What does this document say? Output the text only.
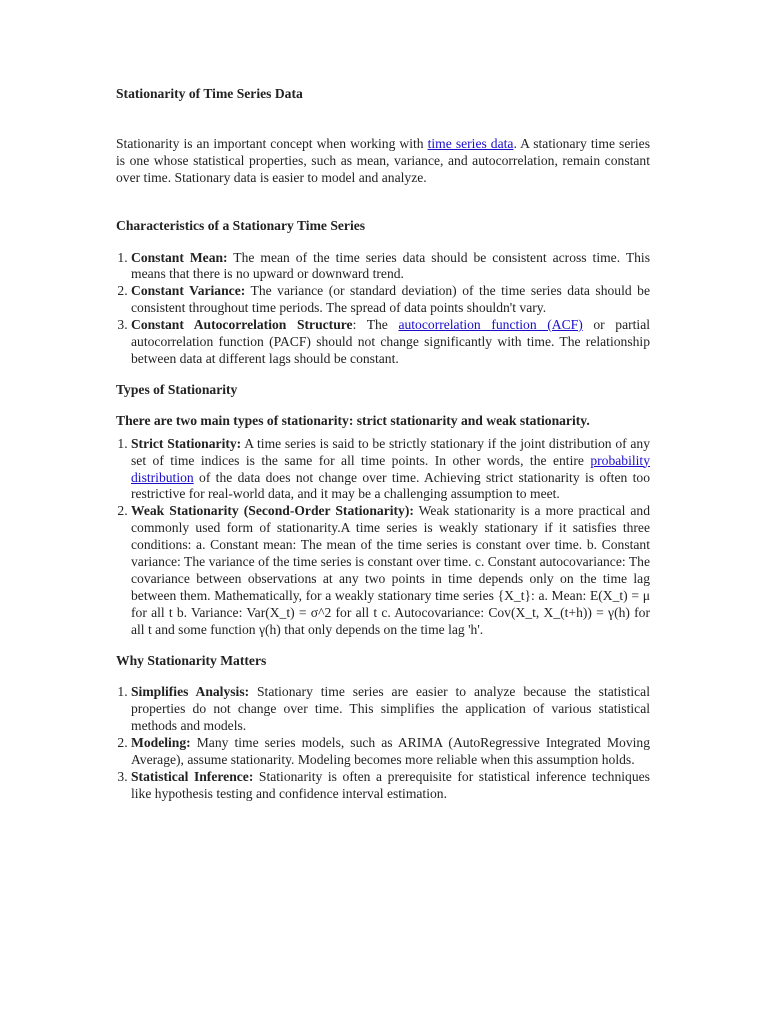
Stationarity of Time Series Data

Stationarity is an important concept when working with time series data. A stationary time series is one whose statistical properties, such as mean, variance, and autocorrelation, remain constant over time. Stationary data is easier to model and analyze.

Characteristics of a Stationary Time Series

1. Constant Mean: The mean of the time series data should be consistent across time. This means that there is no upward or downward trend.
2. Constant Variance: The variance (or standard deviation) of the time series data should be consistent throughout time periods. The spread of data points shouldn't vary.
3. Constant Autocorrelation Structure: The autocorrelation function (ACF) or partial autocorrelation function (PACF) should not change significantly with time. The relationship between data at different lags should be constant.

Types of Stationarity

There are two main types of stationarity: strict stationarity and weak stationarity.

1. Strict Stationarity: A time series is said to be strictly stationary if the joint distribution of any set of time indices is the same for all time points. In other words, the entire probability distribution of the data does not change over time. Achieving strict stationarity is often too restrictive for real-world data, and it may be a challenging assumption to meet.
2. Weak Stationarity (Second-Order Stationarity): Weak stationarity is a more practical and commonly used form of stationarity.A time series is weakly stationary if it satisfies three conditions: a. Constant mean: The mean of the time series is constant over time. b. Constant variance: The variance of the time series is constant over time. c. Constant autocovariance: The covariance between observations at any two points in time depends only on the time lag between them. Mathematically, for a weakly stationary time series {X_t}: a. Mean: E(X_t) = μ for all t b. Variance: Var(X_t) = σ^2 for all t c. Autocovariance: Cov(X_t, X_(t+h)) = γ(h) for all t and some function γ(h) that only depends on the time lag 'h'.

Why Stationarity Matters

1. Simplifies Analysis: Stationary time series are easier to analyze because the statistical properties do not change over time. This simplifies the application of various statistical methods and models.
2. Modeling: Many time series models, such as ARIMA (AutoRegressive Integrated Moving Average), assume stationarity. Modeling becomes more reliable when this assumption holds.
3. Statistical Inference: Stationarity is often a prerequisite for statistical inference techniques like hypothesis testing and confidence interval estimation.
